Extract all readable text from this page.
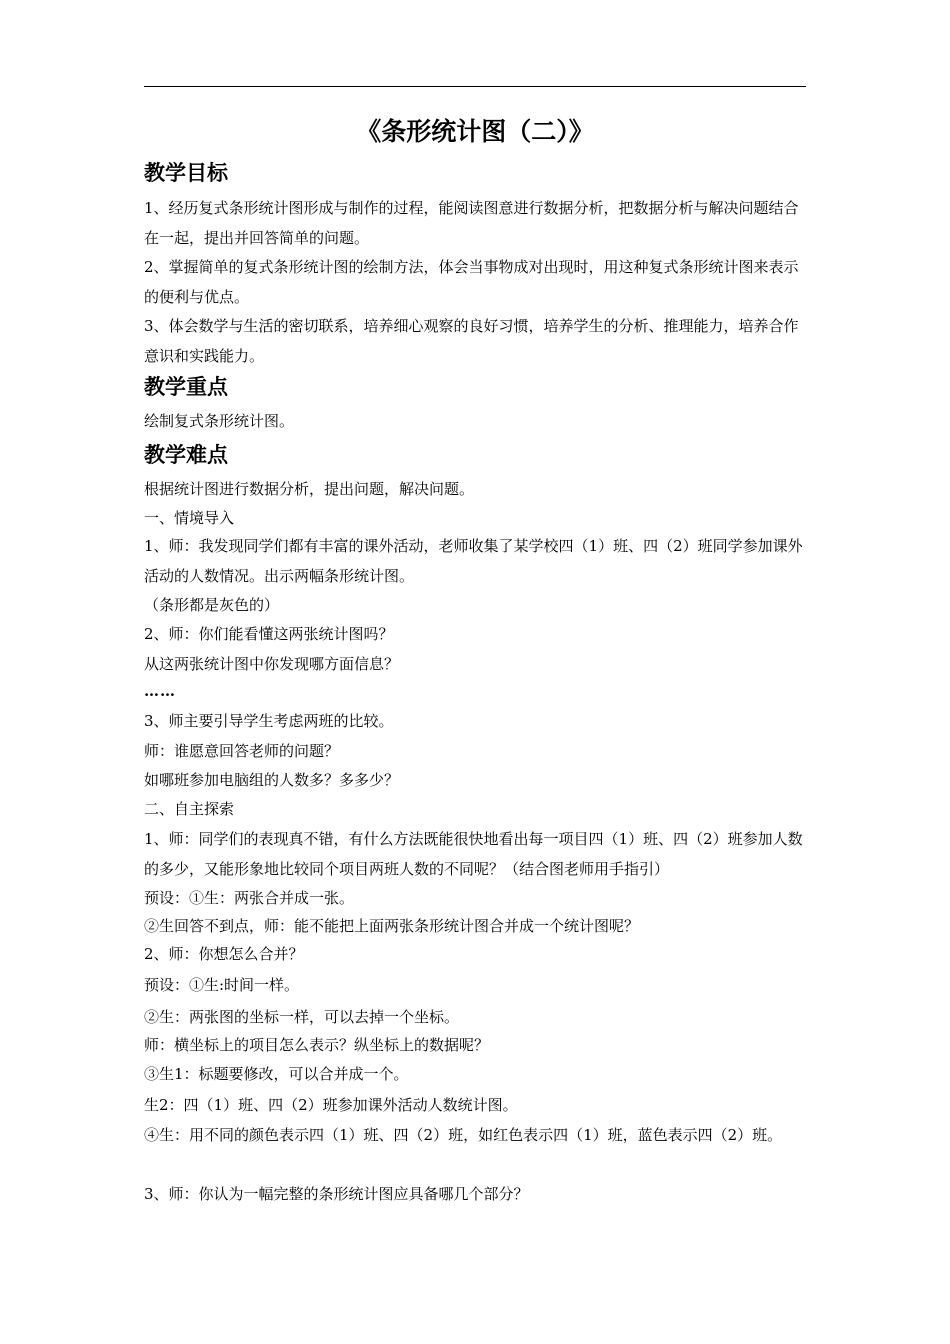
《条形统计图（二）》
教学目标

1、经历复式条形统计图形成与制作的过程，能阅读图意进行数据分析，把数据分析与解决问题结合在一起，提出并回答简单的问题。

2、掌握简单的复式条形统计图的绘制方法，体会当事物成对出现时，用这种复式条形统计图来表示的便利与优点。

3、体会数学与生活的密切联系，培养细心观察的良好习惯，培养学生的分析、推理能力，培养合作意识和实践能力。

教学重点

绘制复式条形统计图。

教学难点

根据统计图进行数据分析，提出问题，解决问题。

一、情境导入

1、师：我发现同学们都有丰富的课外活动，老师收集了某学校四（1）班、四（2）班同学参加课外活动的人数情况。出示两幅条形统计图。

（条形都是灰色的）

2、师：你们能看懂这两张统计图吗？

从这两张统计图中你发现哪方面信息？

……

3、师主要引导学生考虑两班的比较。

师：谁愿意回答老师的问题？

如哪班参加电脑组的人数多？多多少？

二、自主探索

1、师：同学们的表现真不错，有什么方法既能很快地看出每一项目四（1）班、四（2）班参加人数的多少，又能形象地比较同个项目两班人数的不同呢？（结合图老师用手指引）

预设：①生：两张合并成一张。

②生回答不到点，师：能不能把上面两张条形统计图合并成一个统计图呢？

2、师：你想怎么合并？

预设：①生:时间一样。

②生：两张图的坐标一样，可以去掉一个坐标。

师：横坐标上的项目怎么表示？纵坐标上的数据呢？

③生1：标题要修改，可以合并成一个。

生2：四（1）班、四（2）班参加课外活动人数统计图。

④生：用不同的颜色表示四（1）班、四（2）班，如红色表示四（1）班，蓝色表示四（2）班。

3、师：你认为一幅完整的条形统计图应具备哪几个部分？
